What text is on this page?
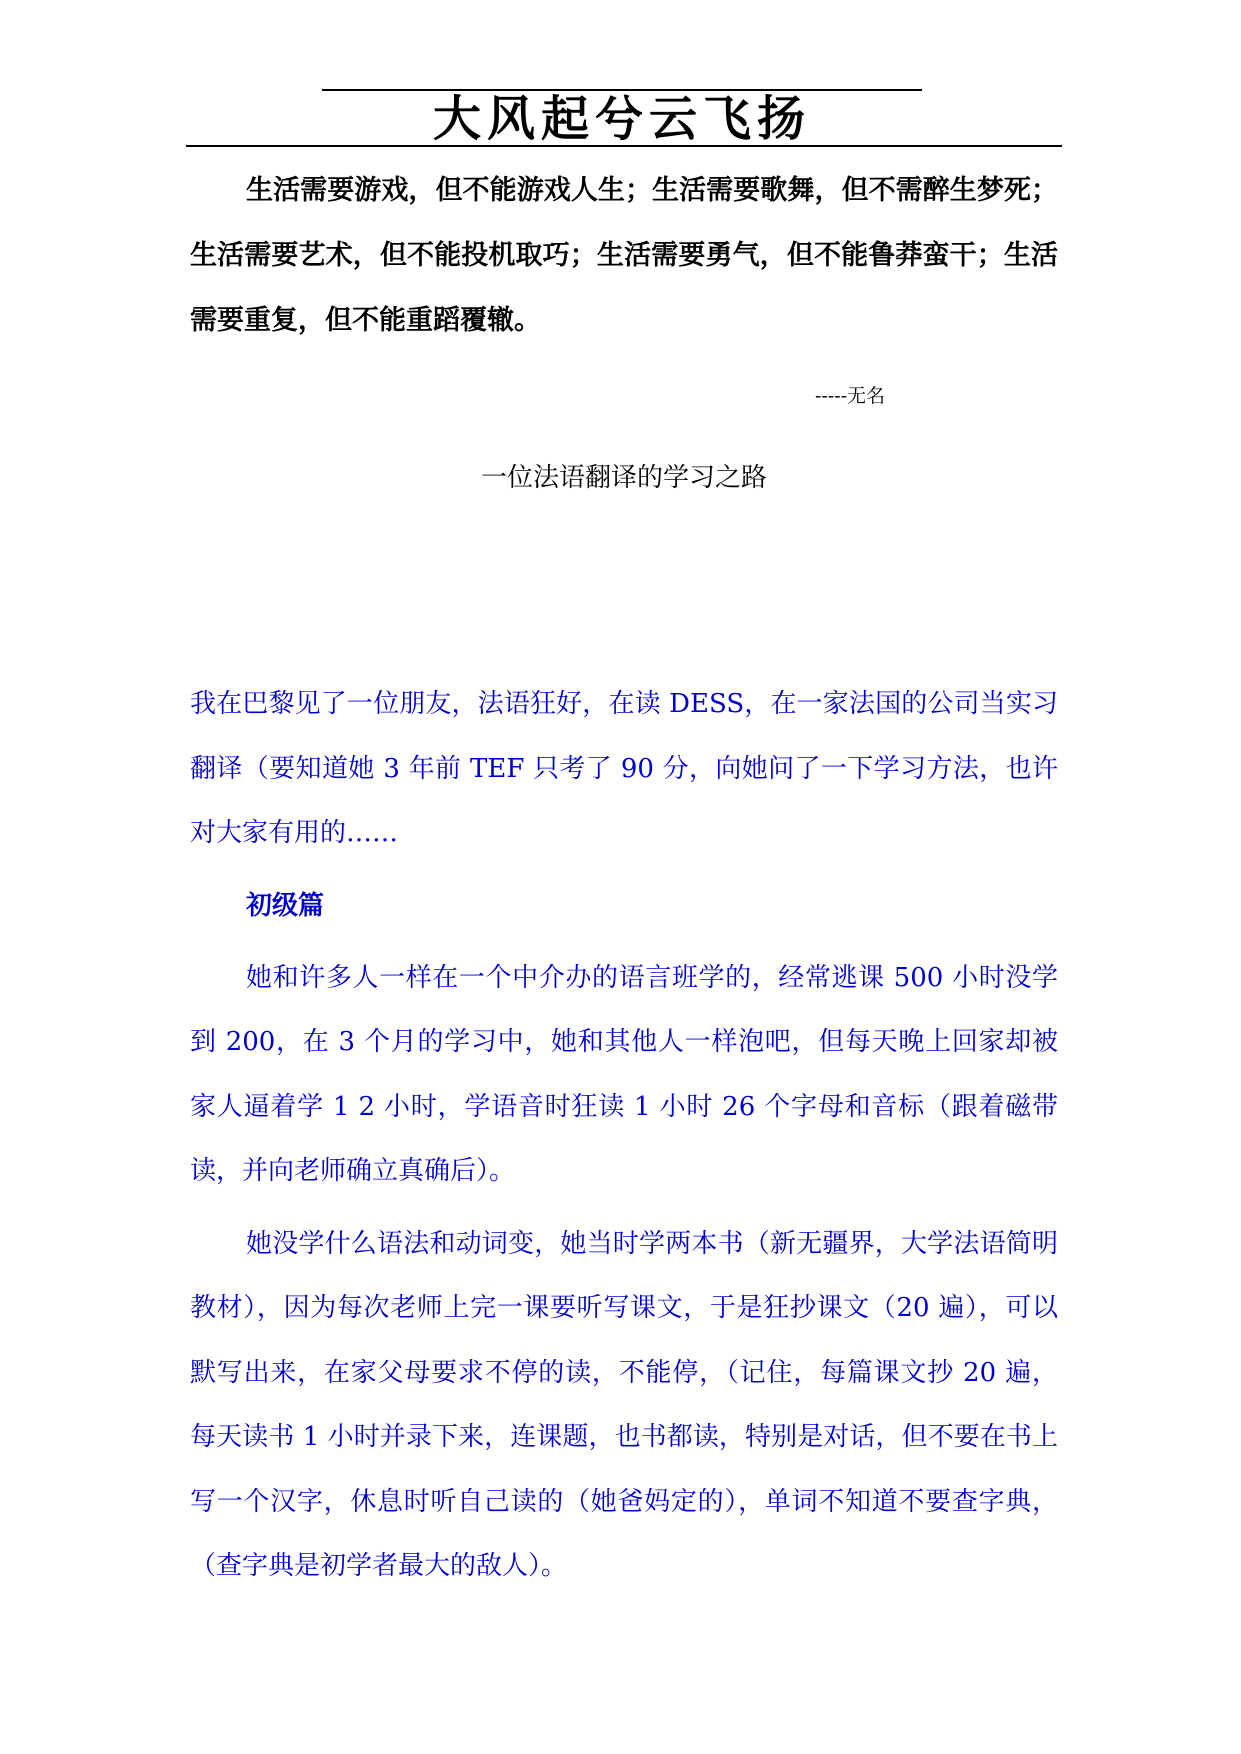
大风起兮云飞扬
生活需要游戏，但不能游戏人生；生活需要歌舞，但不需醉生梦死；生活需要艺术，但不能投机取巧；生活需要勇气，但不能鲁莽蛮干；生活需要重复，但不能重蹈覆辙。
-----无名
一位法语翻译的学习之路

我在巴黎见了一位朋友，法语狂好，在读 DESS，在一家法国的公司当实习翻译（要知道她 3 年前 TEF 只考了 90 分，向她问了一下学习方法，也许对大家有用的……

初级篇

她和许多人一样在一个中介办的语言班学的，经常逃课 500 小时没学到 200，在 3 个月的学习中，她和其他人一样泡吧，但每天晚上回家却被家人逼着学 1 2 小时，学语音时狂读 1 小时 26 个字母和音标（跟着磁带读，并向老师确立真确后）。

她没学什么语法和动词变，她当时学两本书（新无疆界，大学法语简明教材），因为每次老师上完一课要听写课文，于是狂抄课文（20 遍），可以默写出来，在家父母要求不停的读，不能停，（记住，每篇课文抄 20 遍，每天读书 1 小时并录下来，连课题，也书都读，特别是对话，但不要在书上写一个汉字，休息时听自己读的（她爸妈定的），单词不知道不要查字典，（查字典是初学者最大的敌人）。
